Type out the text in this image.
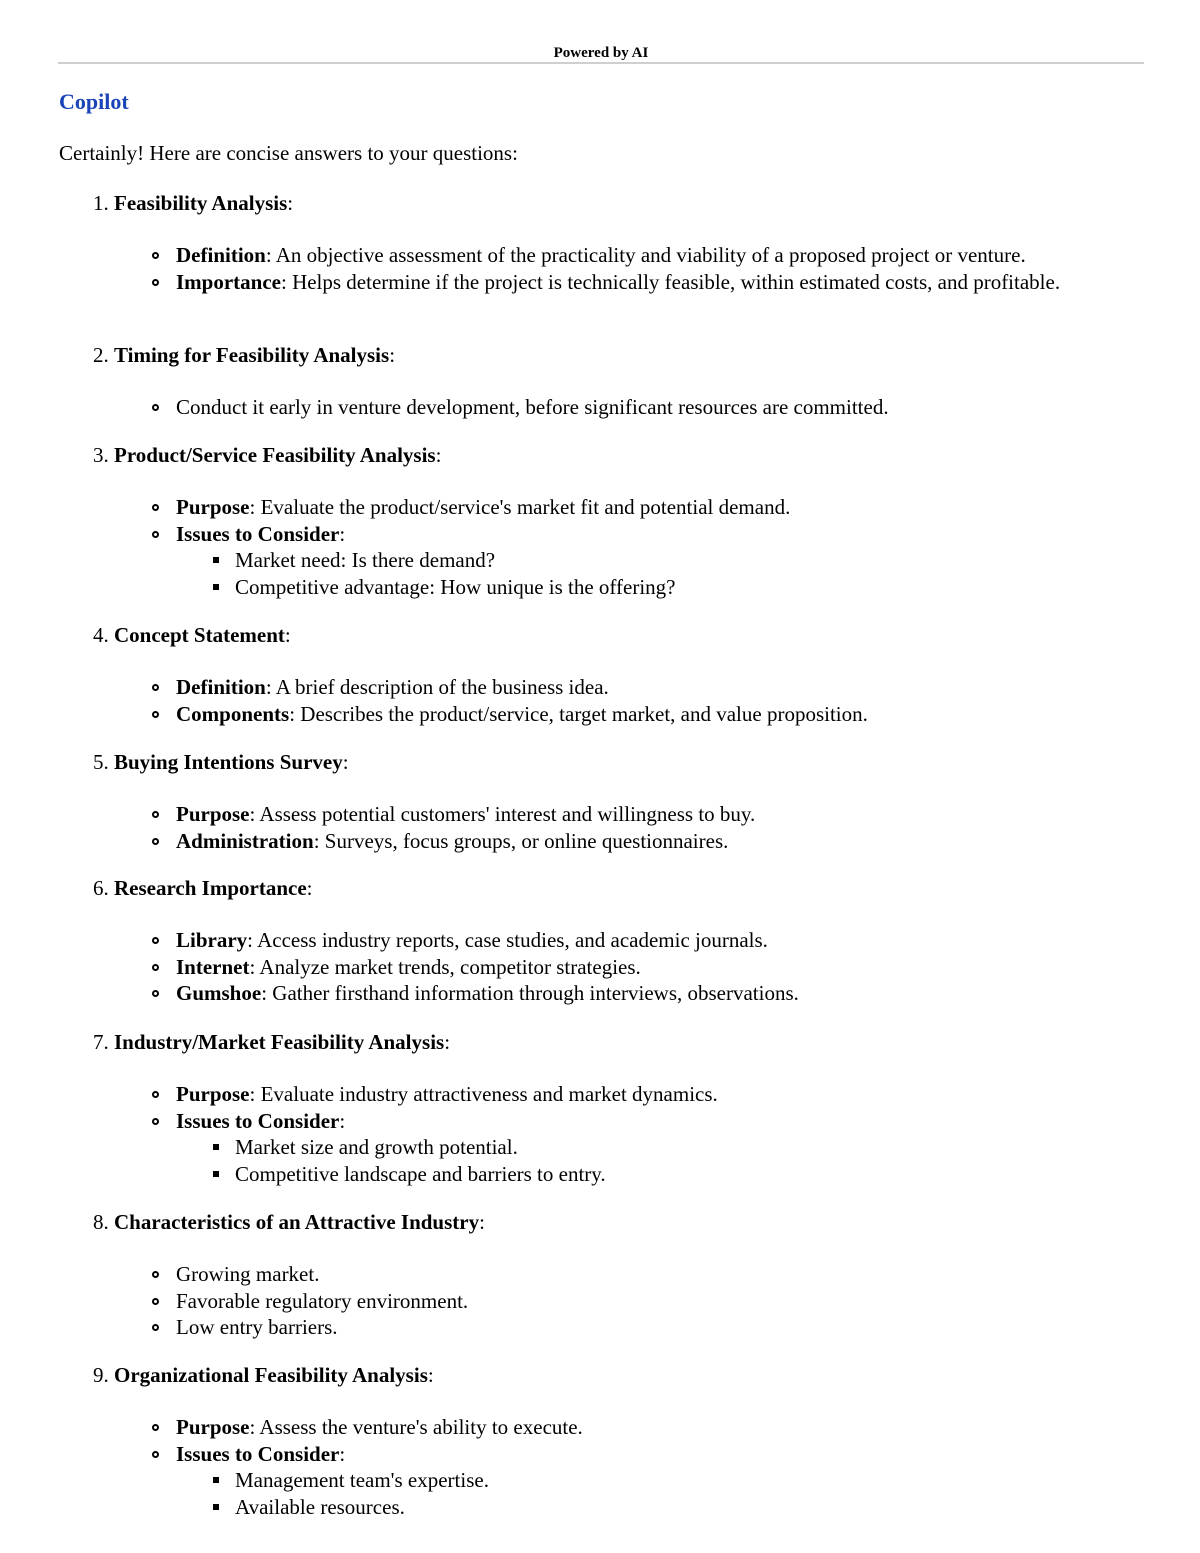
Powered by AI
Copilot

Certainly! Here are concise answers to your questions:

1. Feasibility Analysis:
Definition: An objective assessment of the practicality and viability of a proposed project or venture.
Importance: Helps determine if the project is technically feasible, within estimated costs, and profitable.
2. Timing for Feasibility Analysis:
Conduct it early in venture development, before significant resources are committed.
3. Product/Service Feasibility Analysis:
Purpose: Evaluate the product/service's market fit and potential demand.
Issues to Consider:
Market need: Is there demand?
Competitive advantage: How unique is the offering?
4. Concept Statement:
Definition: A brief description of the business idea.
Components: Describes the product/service, target market, and value proposition.
5. Buying Intentions Survey:
Purpose: Assess potential customers' interest and willingness to buy.
Administration: Surveys, focus groups, or online questionnaires.
6. Research Importance:
Library: Access industry reports, case studies, and academic journals.
Internet: Analyze market trends, competitor strategies.
Gumshoe: Gather firsthand information through interviews, observations.
7. Industry/Market Feasibility Analysis:
Purpose: Evaluate industry attractiveness and market dynamics.
Issues to Consider:
Market size and growth potential.
Competitive landscape and barriers to entry.
8. Characteristics of an Attractive Industry:
Growing market.
Favorable regulatory environment.
Low entry barriers.
9. Organizational Feasibility Analysis:
Purpose: Assess the venture's ability to execute.
Issues to Consider:
Management team's expertise.
Available resources.
